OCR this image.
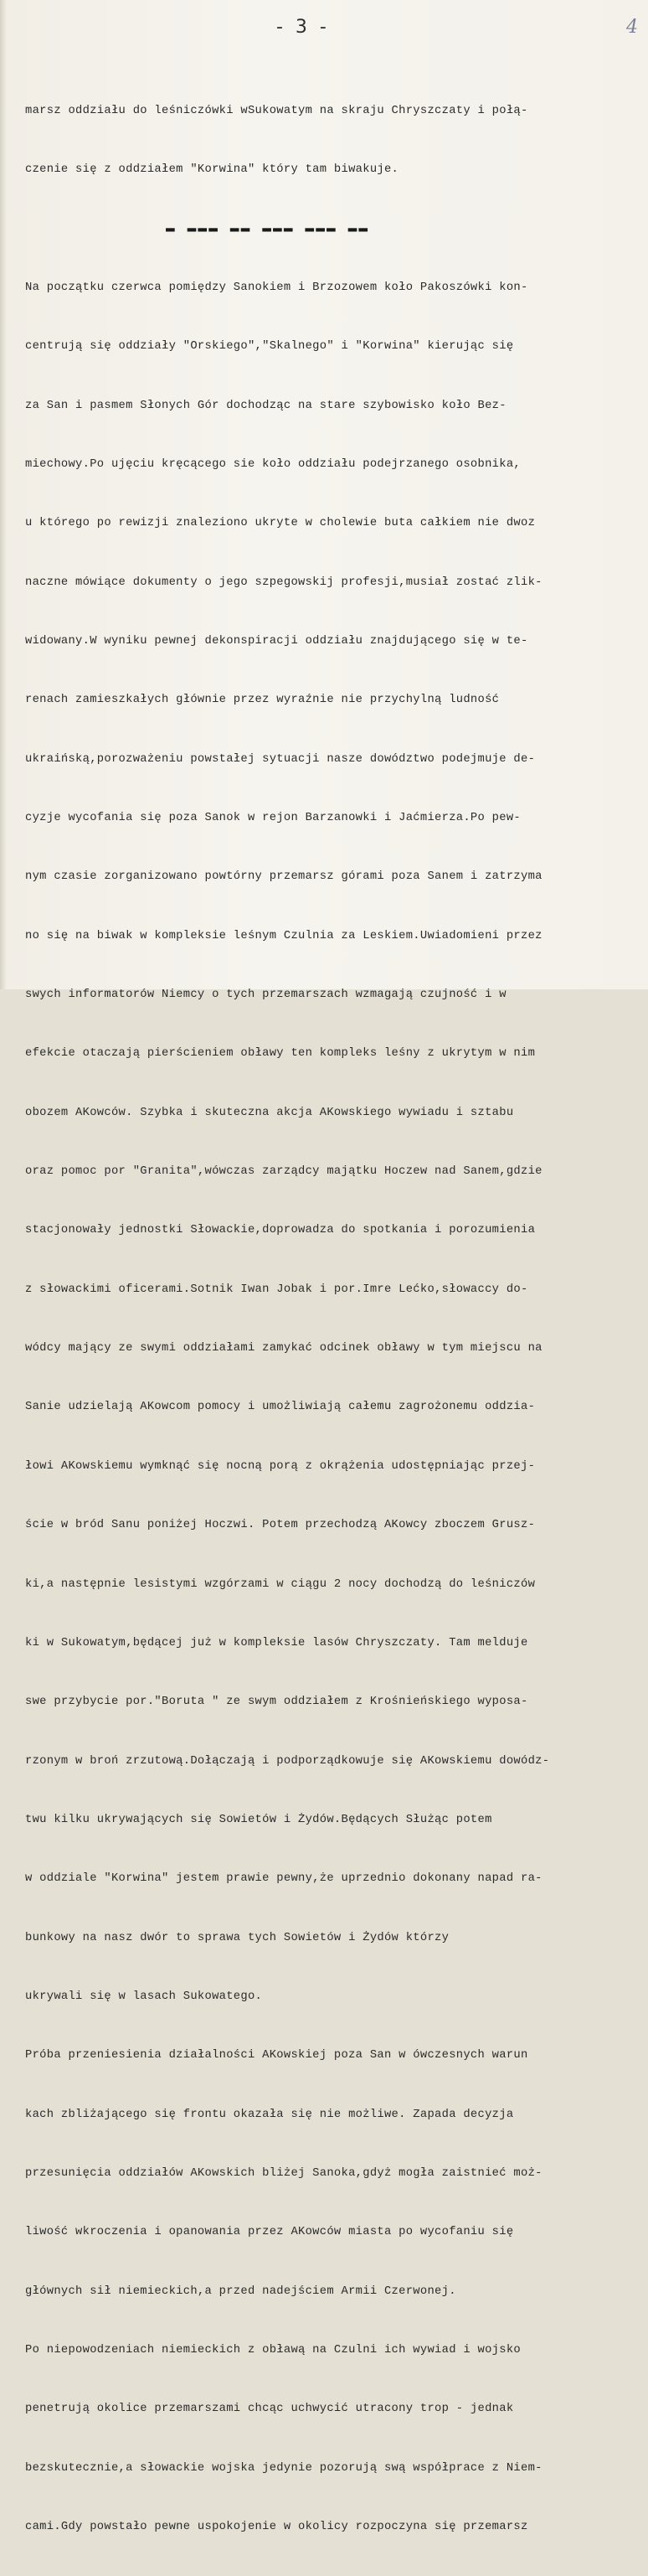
- 3 -	4

marsz oddziału do leśniczówki wSukowatym na skraju Chryszczaty i połą-

czenie się z oddziałem "Korwina" który tam biwakuje.

▬ ▬▬▬ ▬▬ ▬▬▬ ▬▬▬ ▬▬

Na początku czerwca pomiędzy Sanokiem i Brzozowem koło Pakoszówki kon-

centrują się oddziały "Orskiego","Skalnego" i "Korwina" kierując się

za San i pasmem Słonych Gór dochodząc na stare szybowisko koło Bez-

miechowy.Po ujęciu kręcącego sie koło oddziału podejrzanego osobnika,

u którego po rewizji znaleziono ukryte w cholewie buta całkiem nie dwoz

naczne mówiące dokumenty o jego szpegowskij profesji,musiał zostać zlik-

widowany.W wyniku pewnej dekonspiracji oddziału znajdującego się w te-

renach zamieszkałych głównie przez wyraźnie nie przychylną ludność

ukraińską,porozważeniu powstałej sytuacji nasze dowództwo podejmuje de-

cyzje wycofania się poza Sanok w rejon Barzanowki i Jaćmierza.Po pew-

nym czasie zorganizowano powtórny przemarsz górami poza Sanem i zatrzyma

no się na biwak w kompleksie leśnym Czulnia za Leskiem.Uwiadomieni przez

swych informatorów Niemcy o tych przemarszach wzmagają czujność i w

efekcie otaczają pierścieniem obławy ten kompleks leśny z ukrytym w nim

obozem AKowców. Szybka i skuteczna akcja AKowskiego wywiadu i sztabu

oraz pomoc por "Granita",wówczas zarządcy majątku Hoczew nad Sanem,gdzie

stacjonowały jednostki Słowackie,doprowadza do spotkania i porozumienia

z słowackimi oficerami.Sotnik Iwan Jobak i por.Imre Lećko,słowaccy do-

wódcy mający ze swymi oddziałami zamykać odcinek obławy w tym miejscu na

Sanie udzielają AKowcom pomocy i umożliwiają całemu zagrożonemu oddzia-

łowi AKowskiemu wymknąć się nocną porą z okrążenia udostępniając przej-

ście w bród Sanu poniżej Hoczwi. Potem przechodzą AKowcy zboczem Grusz-

ki,a następnie lesistymi wzgórzami w ciągu 2 nocy dochodzą do leśniczów

ki w Sukowatym,będącej już w kompleksie lasów Chryszczaty. Tam melduje

swe przybycie por."Boruta " ze swym oddziałem z Krośnieńskiego wyposa-

rzonym w broń zrzutową.Dołączają i podporządkowuje się AKowskiemu dowódz-

twu kilku ukrywających się Sowietów i Żydów.Będących Służąc potem

w oddziale "Korwina" jestem prawie pewny,że uprzednio dokonany napad ra-

bunkowy na nasz dwór to sprawa tych Sowietów i Żydów którzy

ukrywali się w lasach Sukowatego.

Próba przeniesienia działalności AKowskiej poza San w ówczesnych warun

kach zbliżającego się frontu okazała się nie możliwe. Zapada decyzja

przesunięcia oddziałów AKowskich bliżej Sanoka,gdyż mogła zaistnieć moż-

liwość wkroczenia i opanowania przez AKowców miasta po wycofaniu się

głównych sił niemieckich,a przed nadejściem Armii Czerwonej.

Po niepowodzeniach niemieckich z obławą na Czulni ich wywiad i wojsko

penetrują okolice przemarszami chcąc uchwycić utracony trop - jednak

bezskutecznie,a słowackie wojska jedynie pozorują swą współprace z Niem-

cami.Gdy powstało pewne uspokojenie w okolicy rozpoczyna się przemarsz
